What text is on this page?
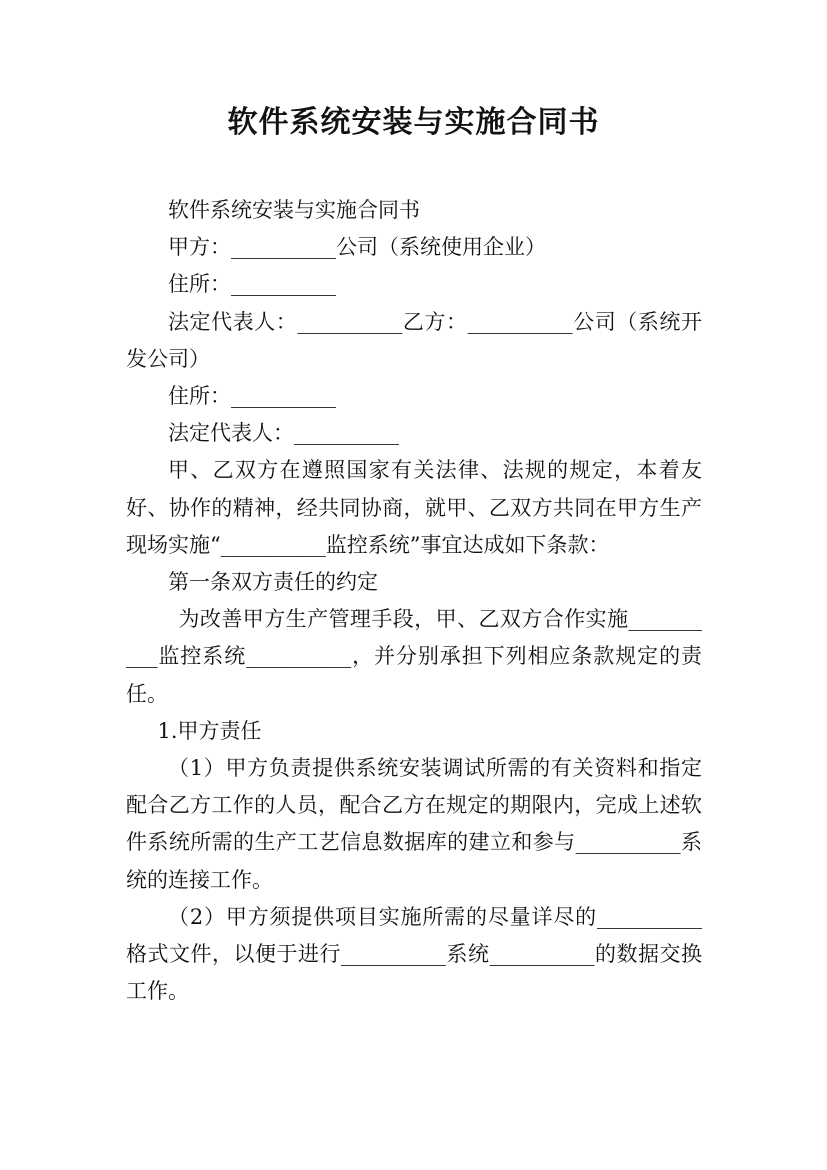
软件系统安装与实施合同书

软件系统安装与实施合同书

甲方：__________公司（系统使用企业）

住所：__________

法定代表人：__________乙方：__________公司（系统开发公司）

住所：__________

法定代表人：__________

甲、乙双方在遵照国家有关法律、法规的规定，本着友好、协作的精神，经共同协商，就甲、乙双方共同在甲方生产现场实施“__________监控系统”事宜达成如下条款：

第一条双方责任的约定

为改善甲方生产管理手段，甲、乙双方合作实施__________监控系统__________，并分别承担下列相应条款规定的责任。

1.甲方责任

（1）甲方负责提供系统安装调试所需的有关资料和指定配合乙方工作的人员，配合乙方在规定的期限内，完成上述软件系统所需的生产工艺信息数据库的建立和参与__________系统的连接工作。

（2）甲方须提供项目实施所需的尽量详尽的__________格式文件，以便于进行__________系统__________的数据交换工作。
